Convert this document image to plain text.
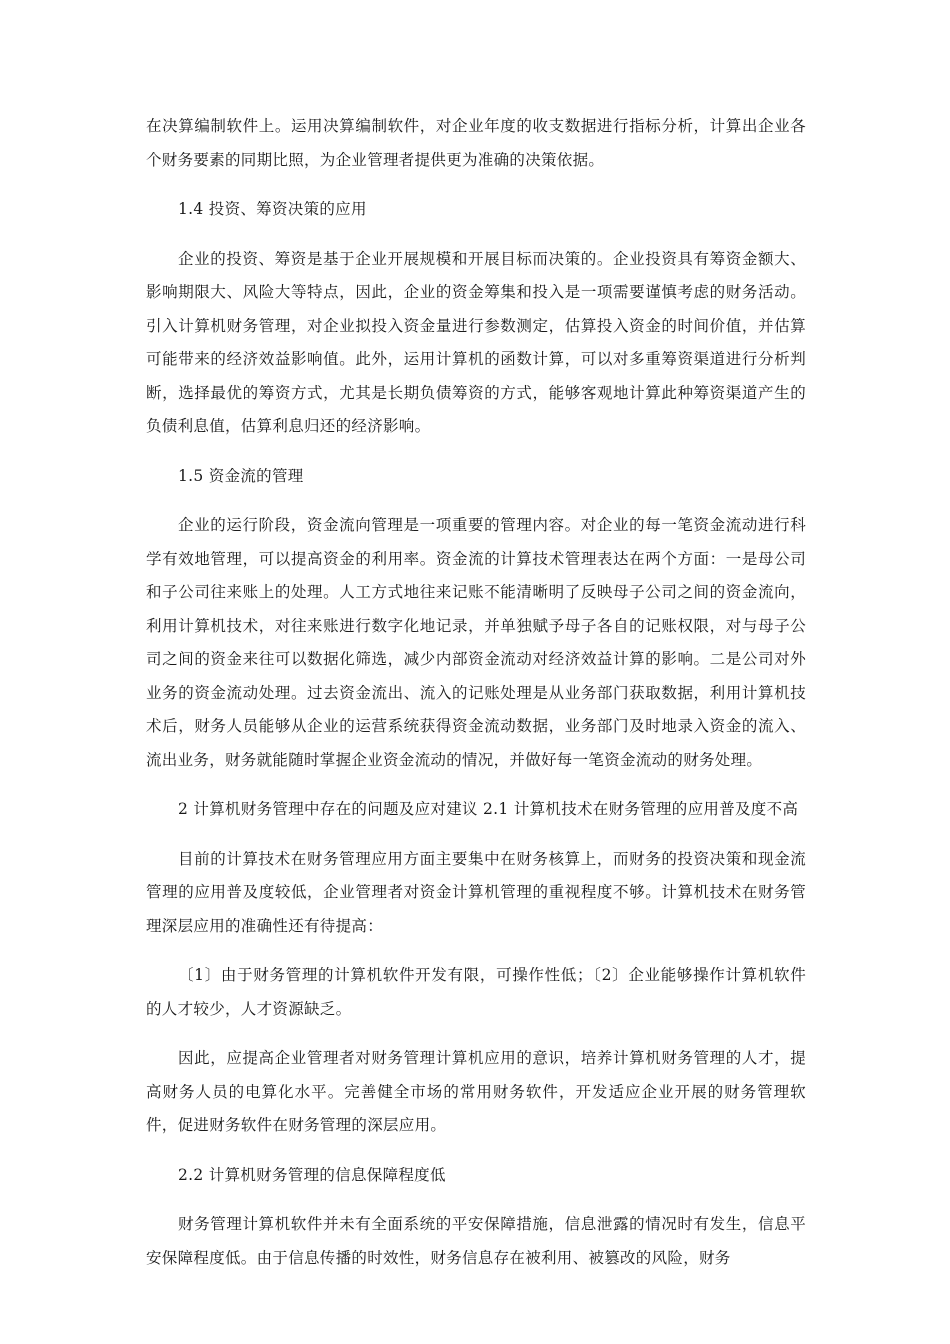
在决算编制软件上。运用决算编制软件，对企业年度的收支数据进行指标分析，计算出企业各个财务要素的同期比照，为企业管理者提供更为准确的决策依据。

1.4 投资、筹资决策的应用

企业的投资、筹资是基于企业开展规模和开展目标而决策的。企业投资具有筹资金额大、影响期限大、风险大等特点，因此，企业的资金筹集和投入是一项需要谨慎考虑的财务活动。引入计算机财务管理，对企业拟投入资金量进行参数测定，估算投入资金的时间价值，并估算可能带来的经济效益影响值。此外，运用计算机的函数计算，可以对多重筹资渠道进行分析判断，选择最优的筹资方式，尤其是长期负债筹资的方式，能够客观地计算此种筹资渠道产生的负债利息值，估算利息归还的经济影响。

1.5 资金流的管理

企业的运行阶段，资金流向管理是一项重要的管理内容。对企业的每一笔资金流动进行科学有效地管理，可以提高资金的利用率。资金流的计算技术管理表达在两个方面：一是母公司和子公司往来账上的处理。人工方式地往来记账不能清晰明了反映母子公司之间的资金流向，利用计算机技术，对往来账进行数字化地记录，并单独赋予母子各自的记账权限，对与母子公司之间的资金来往可以数据化筛选，减少内部资金流动对经济效益计算的影响。二是公司对外业务的资金流动处理。过去资金流出、流入的记账处理是从业务部门获取数据，利用计算机技术后，财务人员能够从企业的运营系统获得资金流动数据，业务部门及时地录入资金的流入、流出业务，财务就能随时掌握企业资金流动的情况，并做好每一笔资金流动的财务处理。

2 计算机财务管理中存在的问题及应对建议 2.1 计算机技术在财务管理的应用普及度不高

目前的计算技术在财务管理应用方面主要集中在财务核算上，而财务的投资决策和现金流管理的应用普及度较低，企业管理者对资金计算机管理的重视程度不够。计算机技术在财务管理深层应用的准确性还有待提高：

〔1〕由于财务管理的计算机软件开发有限，可操作性低；〔2〕企业能够操作计算机软件的人才较少，人才资源缺乏。

因此，应提高企业管理者对财务管理计算机应用的意识，培养计算机财务管理的人才，提高财务人员的电算化水平。完善健全市场的常用财务软件，开发适应企业开展的财务管理软件，促进财务软件在财务管理的深层应用。

2.2 计算机财务管理的信息保障程度低

财务管理计算机软件并未有全面系统的平安保障措施，信息泄露的情况时有发生，信息平安保障程度低。由于信息传播的时效性，财务信息存在被利用、被篡改的风险，财务
